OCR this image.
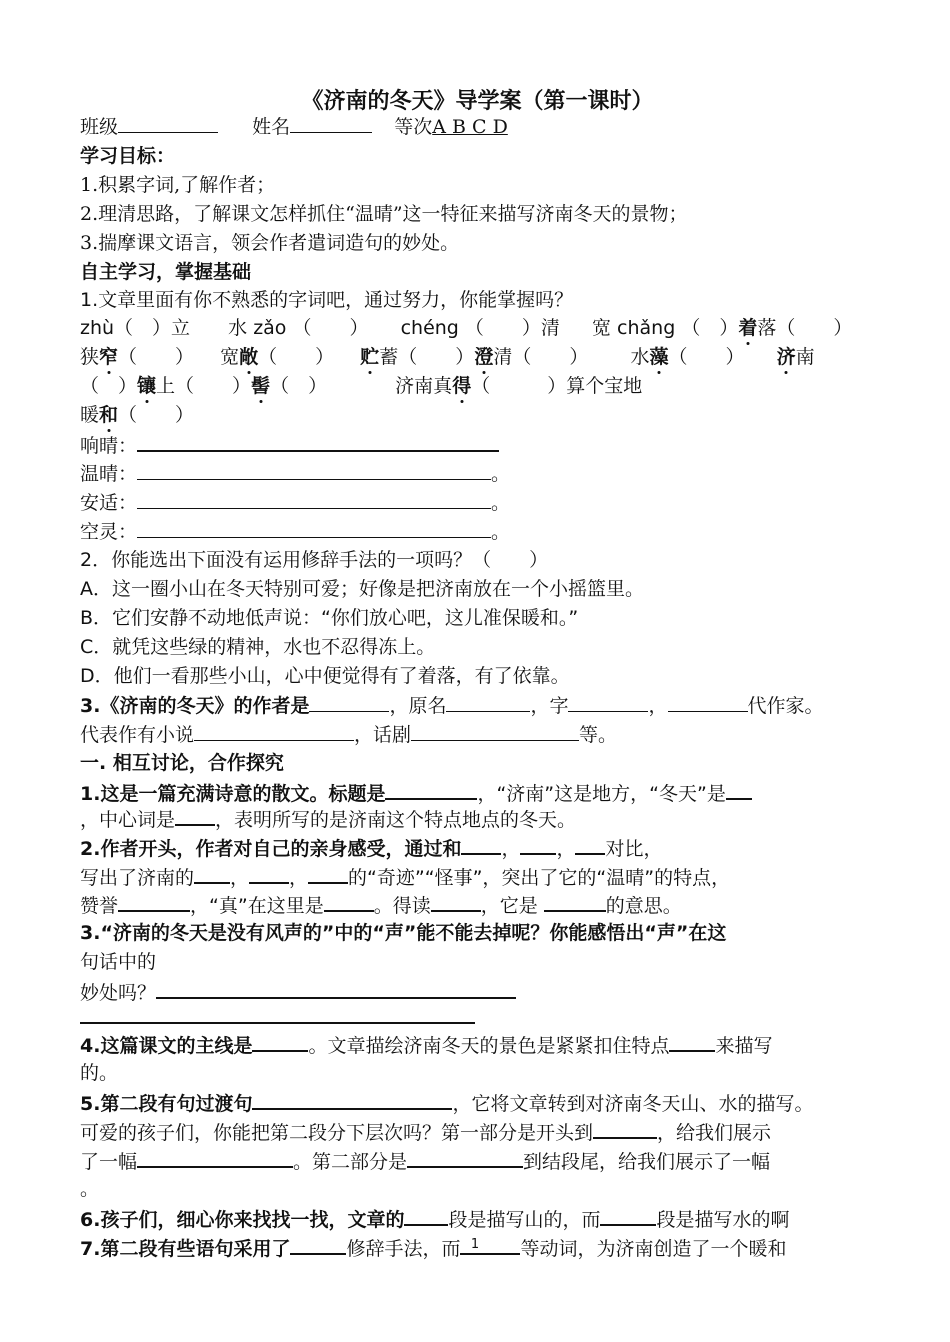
《济南的冬天》导学案（第一课时）
班级	姓名	等次A B C D
学习目标：
1.积累字词,了解作者；
2.理清思路，了解课文怎样抓住“温晴”这一特征来描写济南冬天的景物；
3.揣摩课文语言，领会作者遣词造句的妙处。
自主学习，掌握基础
1.文章里面有你不熟悉的字词吧，通过努力，你能掌握吗？
zhù（　）立 水 zǎo （　　） chéng （　　）清 宽 chǎng （　）着落（　　）
狭窄（　　） 宽敞（　　） 贮蓄（　　）澄清（　　） 水藻（　　） 济南
（　）镶上（　　）髻（　）	济南真得（　　　）算个宝地
暖和（　　）
响晴：
温晴：	。
安适：	。
空灵：	。
2．你能选出下面没有运用修辞手法的一项吗？（　　）
A．这一圈小山在冬天特别可爱；好像是把济南放在一个小摇篮里。
B．它们安静不动地低声说：“你们放心吧，这儿准保暖和。”
C．就凭这些绿的精神，水也不忍得冻上。
D．他们一看那些小山，心中便觉得有了着落，有了依靠。
3.《济南的冬天》的作者是	，原名	，字	，	代作家。
代表作有小说	，话剧	等。
一. 相互讨论，合作探究
1.这是一篇充满诗意的散文。标题是	，“济南”这是地方，“冬天”是
，中心词是 ，表明所写的是济南这个特点地点的冬天。
2.作者开头，作者对自己的亲身感受，通过和 ， ， 对比，
写出了济南的 ， ， 的“奇迹”“怪事”，突出了它的“温晴”的特点，
赞誉	，“真”在这里是	。得读	，它是	的意思。
3.“济南的冬天是没有风声的”中的“声”能不能去掉呢？你能感悟出“声”在这
句话中的
妙处吗？
4.这篇课文的主线是	。文章描绘济南冬天的景色是紧紧扣住特点 来描写
的。
5.第二段有句过渡句	，它将文章转到对济南冬天山、水的描写。
可爱的孩子们，你能把第二段分下层次吗？第一部分是开头到	，给我们展示
了一幅	。第二部分是	到结段尾，给我们展示了一幅
。
6.孩子们，细心你来找找一找，文章的 段是描写山的，而	段是描写水的啊
7.第二段有些语句采用了	修辞手法，而	等动词，为济南创造了一个暖和
1
